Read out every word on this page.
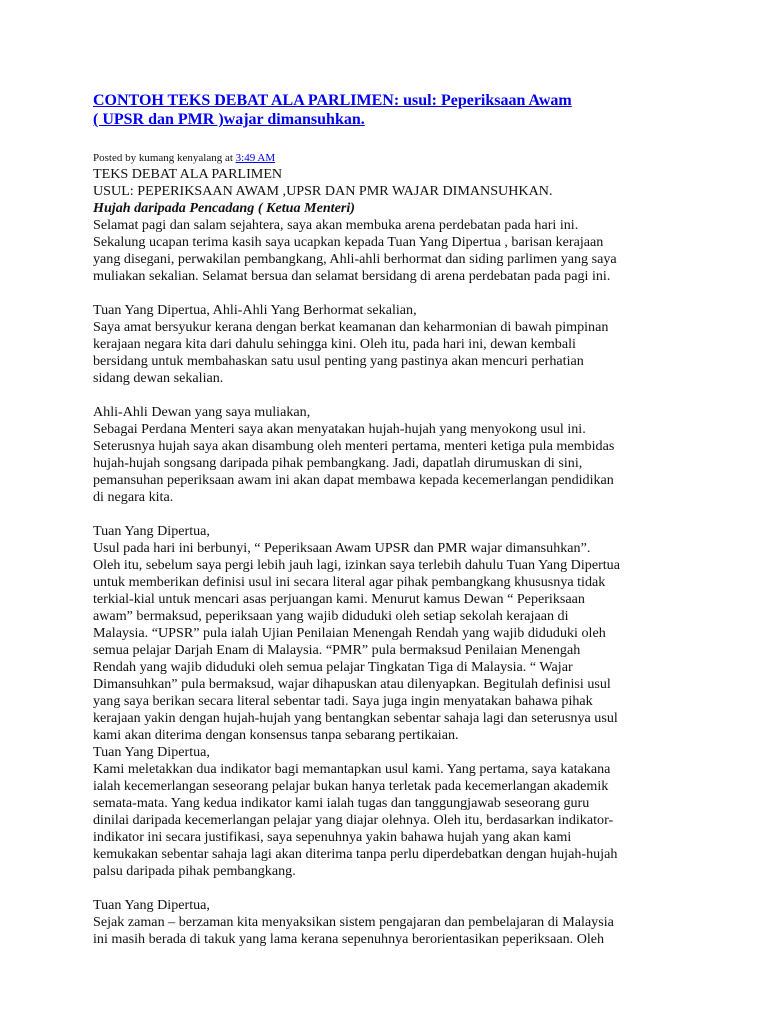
CONTOH TEKS DEBAT ALA PARLIMEN: usul: Peperiksaan Awam
( UPSR dan PMR )wajar dimansuhkan.
Posted by kumang kenyalang at 3:49 AM
TEKS DEBAT ALA PARLIMEN
USUL: PEPERIKSAAN AWAM ,UPSR DAN PMR WAJAR DIMANSUHKAN.
Hujah daripada Pencadang ( Ketua Menteri)
Selamat pagi dan salam sejahtera, saya akan membuka arena perdebatan pada hari ini.
Sekalung ucapan terima kasih saya ucapkan kepada Tuan Yang Dipertua , barisan kerajaan
yang disegani, perwakilan pembangkang, Ahli-ahli berhormat dan siding parlimen yang saya
muliakan sekalian. Selamat bersua dan selamat bersidang di arena perdebatan pada pagi ini.
Tuan Yang Dipertua, Ahli-Ahli Yang Berhormat sekalian,
Saya amat bersyukur kerana dengan berkat keamanan dan keharmonian di bawah pimpinan
kerajaan negara kita dari dahulu sehingga kini. Oleh itu, pada hari ini, dewan kembali
bersidang untuk membahaskan satu usul penting yang pastinya akan mencuri perhatian
sidang dewan sekalian.
Ahli-Ahli Dewan yang saya muliakan,
Sebagai Perdana Menteri saya akan menyatakan hujah-hujah yang menyokong usul ini.
Seterusnya hujah saya akan disambung oleh menteri pertama, menteri ketiga pula membidas
hujah-hujah songsang daripada pihak pembangkang. Jadi, dapatlah dirumuskan di sini,
pemansuhan peperiksaan awam ini akan dapat membawa kepada kecemerlangan pendidikan
di negara kita.
Tuan Yang Dipertua,
Usul pada hari ini berbunyi, “ Peperiksaan Awam UPSR dan PMR wajar dimansuhkan”.
Oleh itu, sebelum saya pergi lebih jauh lagi, izinkan saya terlebih dahulu Tuan Yang Dipertua
untuk memberikan definisi usul ini secara literal agar pihak pembangkang khususnya tidak
terkial-kial untuk mencari asas perjuangan kami. Menurut kamus Dewan “ Peperiksaan
awam” bermaksud, peperiksaan yang wajib diduduki oleh setiap sekolah kerajaan di
Malaysia. “UPSR” pula ialah Ujian Penilaian Menengah Rendah yang wajib diduduki oleh
semua pelajar Darjah Enam di Malaysia. “PMR” pula bermaksud Penilaian Menengah
Rendah yang wajib diduduki oleh semua pelajar Tingkatan Tiga di Malaysia. “ Wajar
Dimansuhkan” pula bermaksud, wajar dihapuskan atau dilenyapkan. Begitulah definisi usul
yang saya berikan secara literal sebentar tadi. Saya juga ingin menyatakan bahawa pihak
kerajaan yakin dengan hujah-hujah yang bentangkan sebentar sahaja lagi dan seterusnya usul
kami akan diterima dengan konsensus tanpa sebarang pertikaian.
Tuan Yang Dipertua,
Kami meletakkan dua indikator bagi memantapkan usul kami. Yang pertama, saya katakana
ialah kecemerlangan seseorang pelajar bukan hanya terletak pada kecemerlangan akademik
semata-mata. Yang kedua indikator kami ialah tugas dan tanggungjawab seseorang guru
dinilai daripada kecemerlangan pelajar yang diajar olehnya. Oleh itu, berdasarkan indikator-
indikator ini secara justifikasi, saya sepenuhnya yakin bahawa hujah yang akan kami
kemukakan sebentar sahaja lagi akan diterima tanpa perlu diperdebatkan dengan hujah-hujah
palsu daripada pihak pembangkang.
Tuan Yang Dipertua,
Sejak zaman – berzaman kita menyaksikan sistem pengajaran dan pembelajaran di Malaysia
ini masih berada di takuk yang lama kerana sepenuhnya berorientasikan peperiksaan. Oleh
